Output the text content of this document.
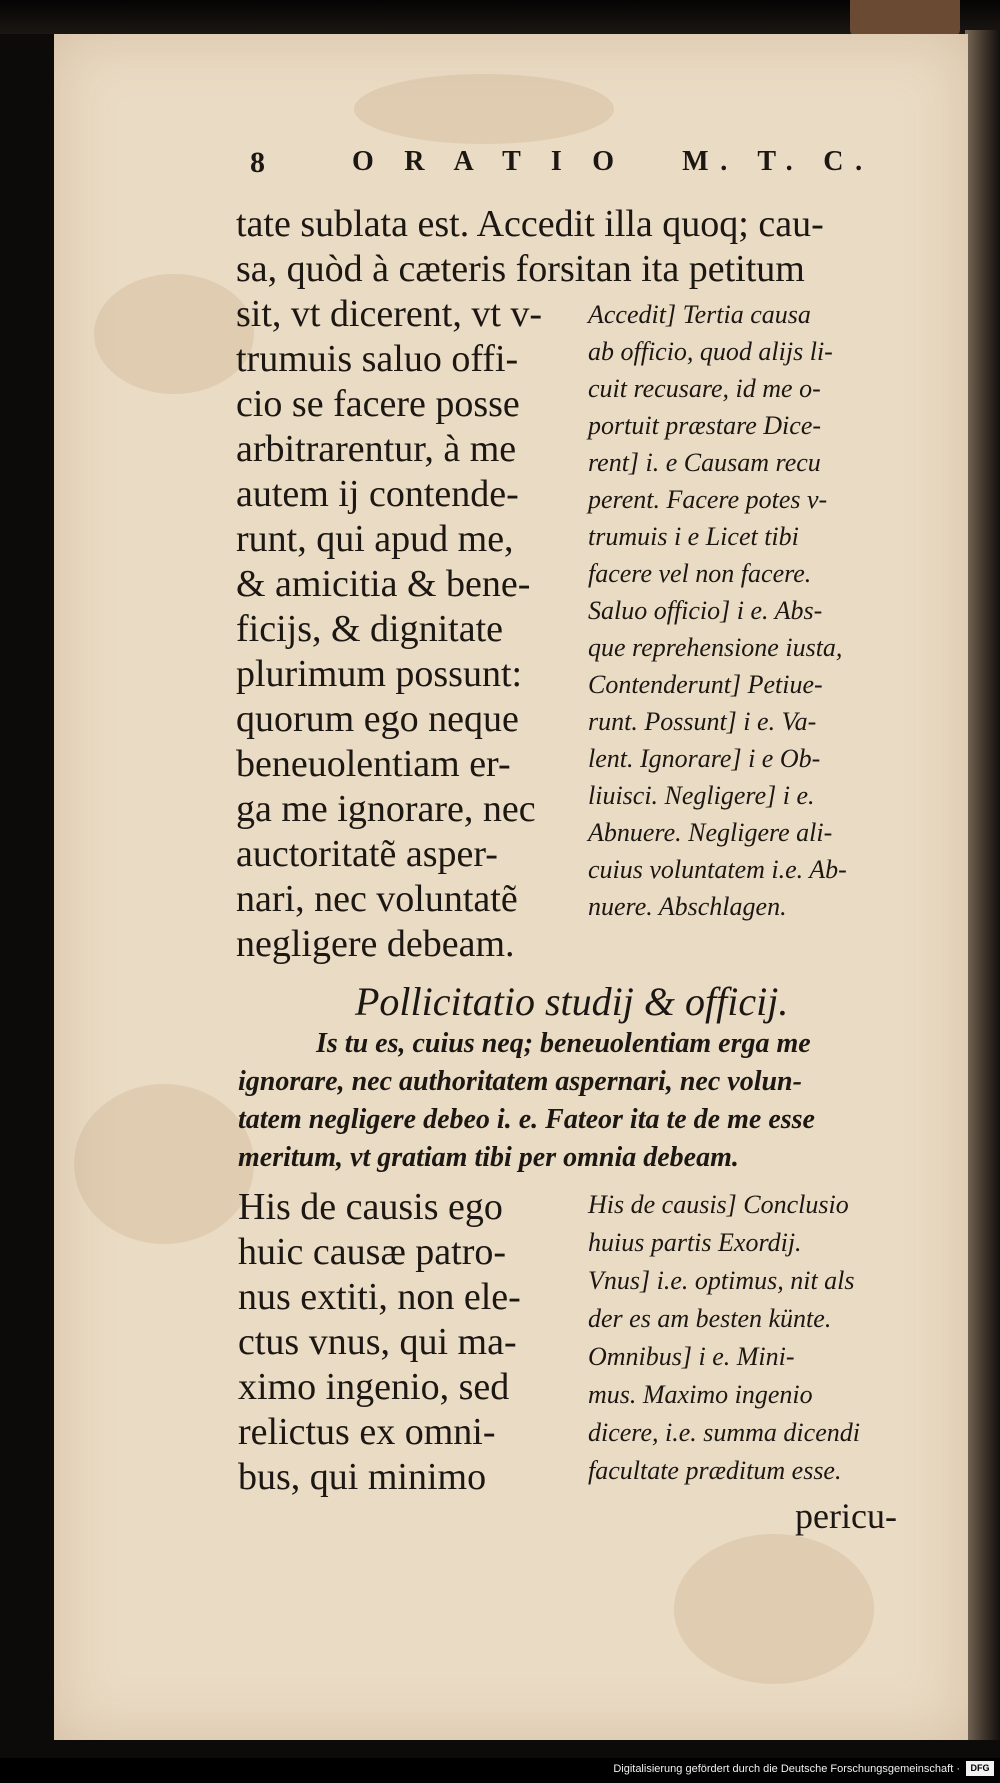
8	O R A T I O   M. T. C.
tate sublata est. Accedit illa quoq; cau-
sa, quòd à cæteris forsitan ita petitum
sit, vt dicerent, vt v-
trumuis saluo offi-
cio se facere posse
arbitrarentur, à me
autem ij contende-
runt, qui apud me,
& amicitia & bene-
ficijs, & dignitate
plurimum possunt:
quorum ego neque
beneuolentiam er-
ga me ignorare, nec
auctoritatẽ asper-
nari, nec voluntatẽ
negligere debeam.
Accedit] Tertia causa
ab officio, quod alijs li-
cuit recusare, id me o-
portuit præstare Dice-
rent] i. e Causam recu
perent. Facere potes v-
trumuis i e Licet tibi
facere vel non facere.
Saluo officio] i e. Abs-
que reprehensione iusta,
Contenderunt] Petiue-
runt. Possunt] i e. Va-
lent. Ignorare] i e Ob-
liuisci. Negligere] i e.
Abnuere. Negligere ali-
cuius voluntatem i.e. Ab-
nuere. Abschlagen.
Pollicitatio studij & officij.
Is tu es, cuius neq; beneuolentiam erga me
ignorare, nec authoritatem aspernari, nec volun-
tatem negligere debeo i. e. Fateor ita te de me esse
meritum, vt gratiam tibi per omnia debeam.
His de causis ego
huic causæ patro-
nus extiti, non ele-
ctus vnus, qui ma-
ximo ingenio, sed
relictus ex omni-
bus, qui minimo
His de causis] Conclusio
huius partis Exordij.
Vnus] i.e. optimus, nit als
der es am besten künte.
Omnibus] i e. Mini-
mus. Maximo ingenio
dicere, i.e. summa dicendi
facultate præditum esse.
pericu-
Digitalisierung gefördert durch die Deutsche Forschungsgemeinschaft ·	DFG
